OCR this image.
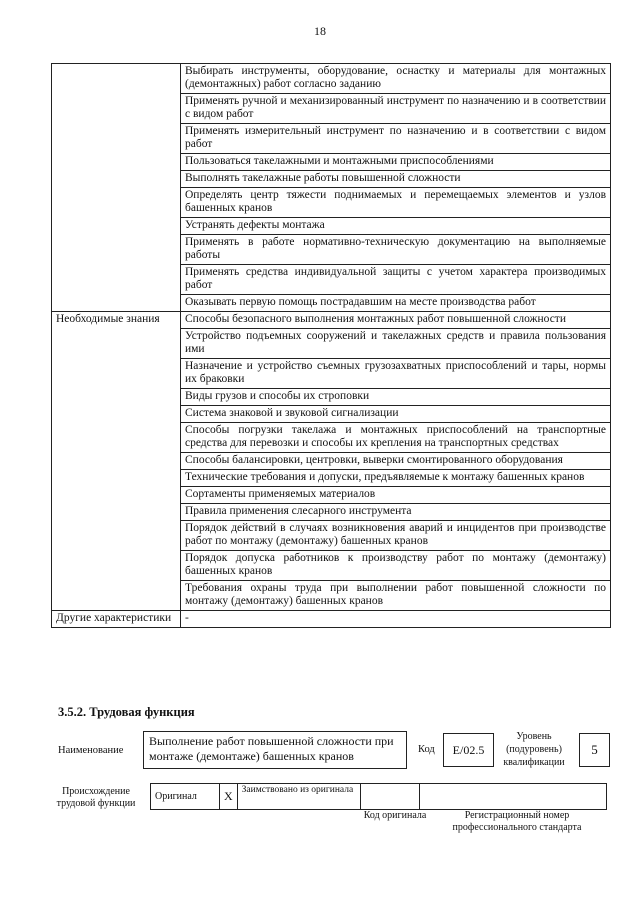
18
	Выбирать инструменты, оборудование, оснастку и материалы для монтажных (демонтажных) работ согласно заданию
	Применять ручной и механизированный инструмент по назначению и в соответствии с видом работ
	Применять измерительный инструмент по назначению и в соответствии с видом работ
	Пользоваться такелажными и монтажными приспособлениями
	Выполнять такелажные работы повышенной сложности
	Определять центр тяжести поднимаемых и перемещаемых элементов и узлов башенных кранов
	Устранять дефекты монтажа
	Применять в работе нормативно-техническую документацию на выполняемые работы
	Применять средства индивидуальной защиты с учетом характера производимых работ
	Оказывать первую помощь пострадавшим на месте производства работ
Необходимые знания	Способы безопасного выполнения монтажных работ повышенной сложности
	Устройство подъемных сооружений и такелажных средств и правила пользования ими
	Назначение и устройство съемных грузозахватных приспособлений и тары, нормы их браковки
	Виды грузов и способы их строповки
	Система знаковой и звуковой сигнализации
	Способы погрузки такелажа и монтажных приспособлений на транспортные средства для перевозки и способы их крепления на транспортных средствах
	Способы балансировки, центровки, выверки смонтированного оборудования
	Технические требования и допуски, предъявляемые к монтажу башенных кранов
	Сортаменты применяемых материалов
	Правила применения слесарного инструмента
	Порядок действий в случаях возникновения аварий и инцидентов при производстве работ по монтажу (демонтажу) башенных кранов
	Порядок допуска работников к производству работ по монтажу (демонтажу) башенных кранов
	Требования охраны труда при выполнении работ повышенной сложности по монтажу (демонтажу) башенных кранов
Другие характеристики	-
3.5.2. Трудовая функция
Наименование
Выполнение работ повышенной сложности при монтаже (демонтаже) башенных кранов	Код	E/02.5
Уровень (подуровень) квалификации
5
Происхождение трудовой функции
Оригинал	X	Заимствовано из оригинала		
Код оригинала	Регистрационный номер профессионального стандарта
